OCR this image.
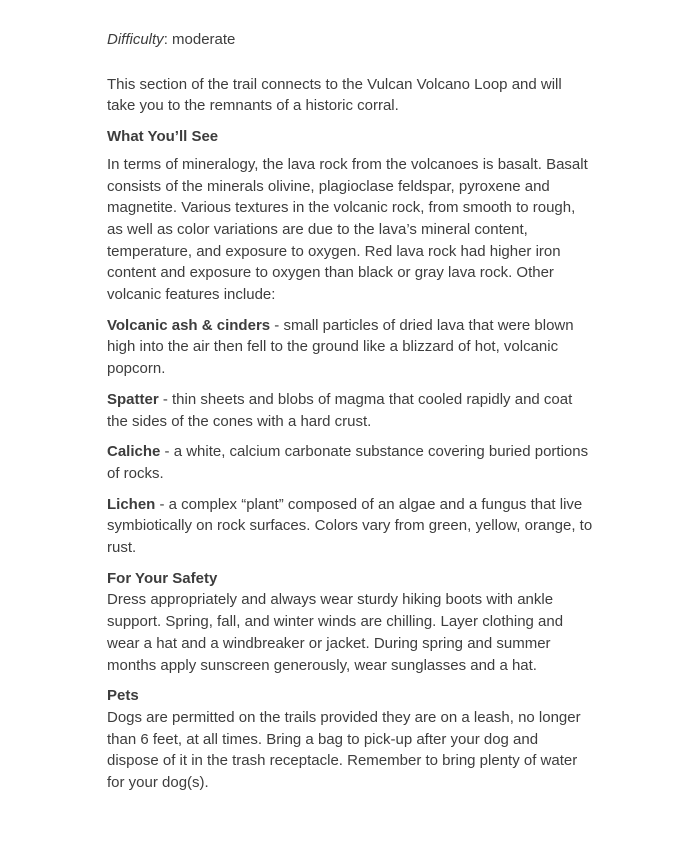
Difficulty: moderate

This section of the trail connects to the Vulcan Volcano Loop and will take you to the remnants of a historic corral.

What You’ll See

In terms of mineralogy, the lava rock from the volcanoes is basalt. Basalt consists of the minerals olivine, plagioclase feldspar, pyroxene and magnetite. Various textures in the volcanic rock, from smooth to rough, as well as color variations are due to the lava’s mineral content, temperature, and exposure to oxygen. Red lava rock had higher iron content and exposure to oxygen than black or gray lava rock. Other volcanic features include:

Volcanic ash & cinders - small particles of dried lava that were blown high into the air then fell to the ground like a blizzard of hot, volcanic popcorn.

Spatter - thin sheets and blobs of magma that cooled rapidly and coat the sides of the cones with a hard crust.

Caliche - a white, calcium carbonate substance covering buried portions of rocks.

Lichen - a complex “plant” composed of an algae and a fungus that live symbiotically on rock surfaces. Colors vary from green, yellow, orange, to rust.

For Your Safety

Dress appropriately and always wear sturdy hiking boots with ankle support. Spring, fall, and winter winds are chilling. Layer clothing and wear a hat and a windbreaker or jacket. During spring and summer months apply sunscreen generously, wear sunglasses and a hat.

Pets

Dogs are permitted on the trails provided they are on a leash, no longer than 6 feet, at all times. Bring a bag to pick-up after your dog and dispose of it in the trash receptacle. Remember to bring plenty of water for your dog(s).
